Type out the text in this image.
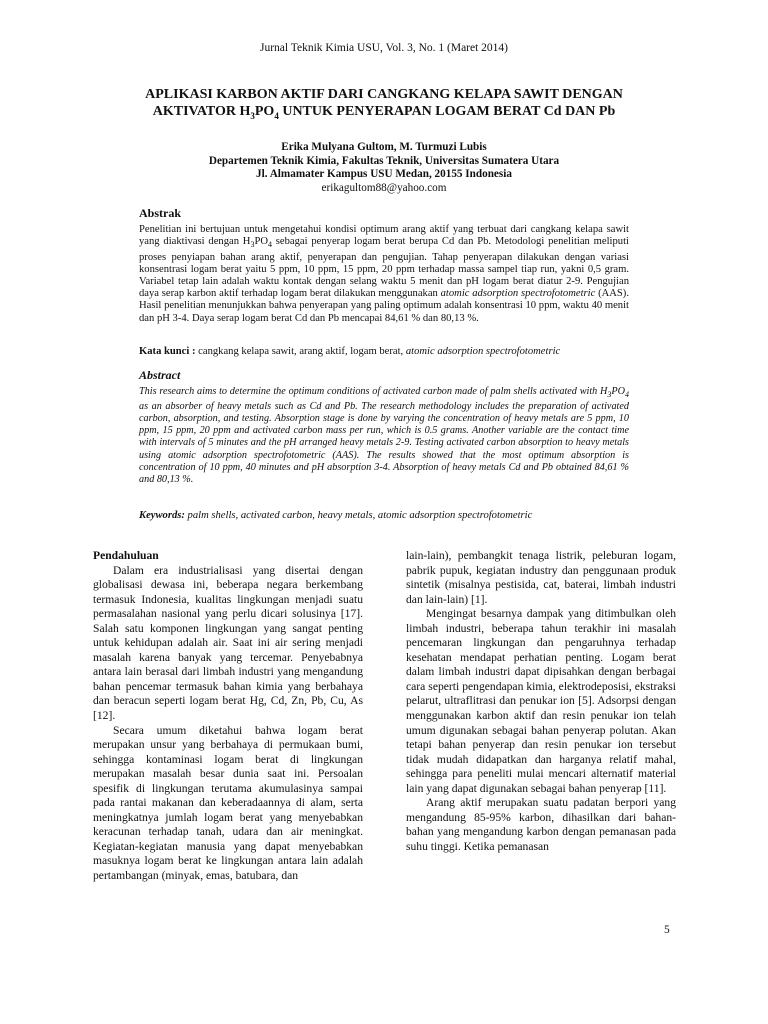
Jurnal Teknik Kimia USU, Vol. 3, No. 1 (Maret 2014)
APLIKASI KARBON AKTIF DARI CANGKANG KELAPA SAWIT DENGAN
AKTIVATOR $H_3PO_4$ UNTUK PENYERAPAN LOGAM BERAT Cd DAN Pb
Erika Mulyana Gultom, M. Turmuzi Lubis
Departemen Teknik Kimia, Fakultas Teknik, Universitas Sumatera Utara
Jl. Almamater Kampus USU Medan, 20155 Indonesia
erikagultom88@yahoo.com

Abstrak

Penelitian ini bertujuan untuk mengetahui kondisi optimum arang aktif yang terbuat dari cangkang kelapa sawit yang diaktivasi dengan $H_3PO_4$ sebagai penyerap logam berat berupa Cd dan Pb. Metodologi penelitian meliputi proses penyiapan bahan arang aktif, penyerapan dan pengujian. Tahap penyerapan dilakukan dengan variasi konsentrasi logam berat yaitu 5 ppm, 10 ppm, 15 ppm, 20 ppm terhadap massa sampel tiap run, yakni 0,5 gram. Variabel tetap lain adalah waktu kontak dengan selang waktu 5 menit dan pH logam berat diatur 2-9. Pengujian daya serap karbon aktif terhadap logam berat dilakukan menggunakan atomic adsorption spectrofotometric (AAS). Hasil penelitian menunjukkan bahwa penyerapan yang paling optimum adalah konsentrasi 10 ppm, waktu 40 menit dan pH 3-4. Daya serap logam berat Cd dan Pb mencapai 84,61 % dan 80,13 %.

Kata kunci : cangkang kelapa sawit, arang aktif, logam berat, atomic adsorption spectrofotometric

Abstract

This research aims to determine the optimum conditions of activated carbon made of palm shells activated with $H_3PO_4$ as an absorber of heavy metals such as Cd and Pb. The research methodology includes the preparation of activated carbon, absorption, and testing. Absorption stage is done by varying the concentration of heavy metals are 5 ppm, 10 ppm, 15 ppm, 20 ppm and activated carbon mass per run, which is 0.5 grams. Another variable are the contact time with intervals of 5 minutes and the pH arranged heavy metals 2-9. Testing activated carbon absorption to heavy metals using atomic adsorption spectrofotometric (AAS). The results showed that the most optimum absorption is concentration of 10 ppm, 40 minutes and pH absorption 3-4. Absorption of heavy metals Cd and Pb obtained 84,61 % and 80,13 %.

Keywords: palm shells, activated carbon, heavy metals, atomic adsorption spectrofotometric

Pendahuluan

Dalam era industrialisasi yang disertai dengan globalisasi dewasa ini, beberapa negara berkembang termasuk Indonesia, kualitas lingkungan menjadi suatu permasalahan nasional yang perlu dicari solusinya [17]. Salah satu komponen lingkungan yang sangat penting untuk kehidupan adalah air. Saat ini air sering menjadi masalah karena banyak yang tercemar. Penyebabnya antara lain berasal dari limbah industri yang mengandung bahan pencemar termasuk bahan kimia yang berbahaya dan beracun seperti logam berat Hg, Cd, Zn, Pb, Cu, As [12].

Secara umum diketahui bahwa logam berat merupakan unsur yang berbahaya di permukaan bumi, sehingga kontaminasi logam berat di lingkungan merupakan masalah besar dunia saat ini. Persoalan spesifik di lingkungan terutama akumulasinya sampai pada rantai makanan dan keberadaannya di alam, serta meningkatnya jumlah logam berat yang menyebabkan keracunan terhadap tanah, udara dan air meningkat. Kegiatan-kegiatan manusia yang dapat menyebabkan masuknya logam berat ke lingkungan antara lain adalah pertambangan (minyak, emas, batubara, dan

lain-lain), pembangkit tenaga listrik, peleburan logam, pabrik pupuk, kegiatan industry dan penggunaan produk sintetik (misalnya pestisida, cat, baterai, limbah industri dan lain-lain) [1].

Mengingat besarnya dampak yang ditimbulkan oleh limbah industri, beberapa tahun terakhir ini masalah pencemaran lingkungan dan pengaruhnya terhadap kesehatan mendapat perhatian penting. Logam berat dalam limbah industri dapat dipisahkan dengan berbagai cara seperti pengendapan kimia, elektrodeposisi, ekstraksi pelarut, ultraflitrasi dan penukar ion [5]. Adsorpsi dengan menggunakan karbon aktif dan resin penukar ion telah umum digunakan sebagai bahan penyerap polutan. Akan tetapi bahan penyerap dan resin penukar ion tersebut tidak mudah didapatkan dan harganya relatif mahal, sehingga para peneliti mulai mencari alternatif material lain yang dapat digunakan sebagai bahan penyerap [11].

Arang aktif merupakan suatu padatan berpori yang mengandung 85-95% karbon, dihasilkan dari bahan-bahan yang mengandung karbon dengan pemanasan pada suhu tinggi. Ketika pemanasan

5
